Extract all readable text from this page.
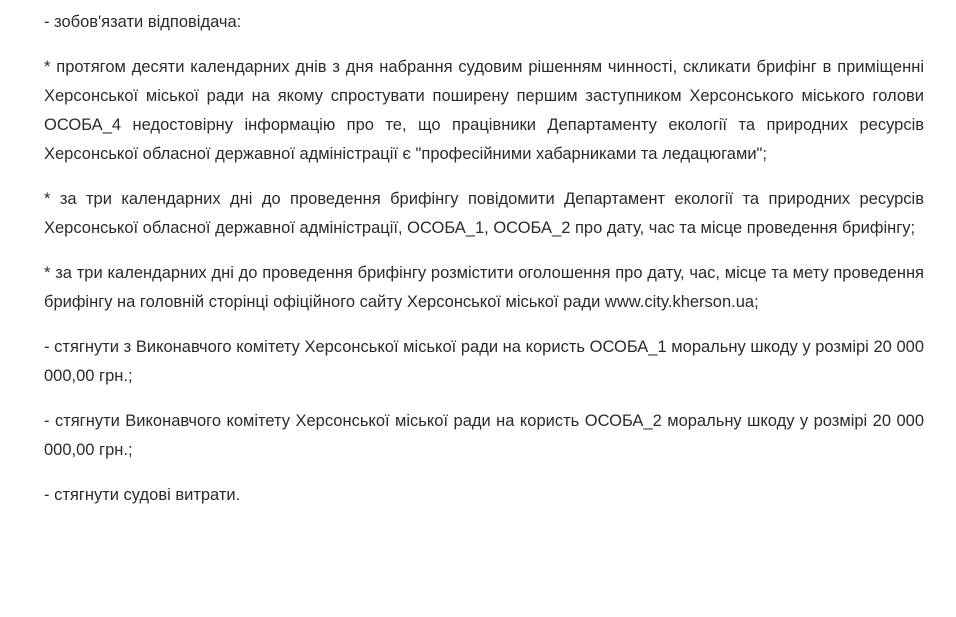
- зобов'язати відповідача:

* протягом десяти календарних днів з дня набрання судовим рішенням чинності, скликати брифінг в приміщенні Херсонської міської ради на якому спростувати поширену першим заступником Херсонського міського голови ОСОБА_4 недостовірну інформацію про те, що працівники Департаменту екології та природних ресурсів Херсонської обласної державної адміністрації є "професійними хабарниками та ледацюгами";

* за три календарних дні до проведення брифінгу повідомити Департамент екології та природних ресурсів Херсонської обласної державної адміністрації, ОСОБА_1, ОСОБА_2 про дату, час та місце проведення брифінгу;

* за три календарних дні до проведення брифінгу розмістити оголошення про дату, час, місце та мету проведення брифінгу на головній сторінці офіційного сайту Херсонської міської ради www.city.kherson.ua;

- стягнути з Виконавчого комітету Херсонської міської ради на користь ОСОБА_1 моральну шкоду у розмірі 20 000 000,00 грн.;

- стягнути Виконавчого комітету Херсонської міської ради на користь ОСОБА_2 моральну шкоду у розмірі 20 000 000,00 грн.;

- стягнути судові витрати.
